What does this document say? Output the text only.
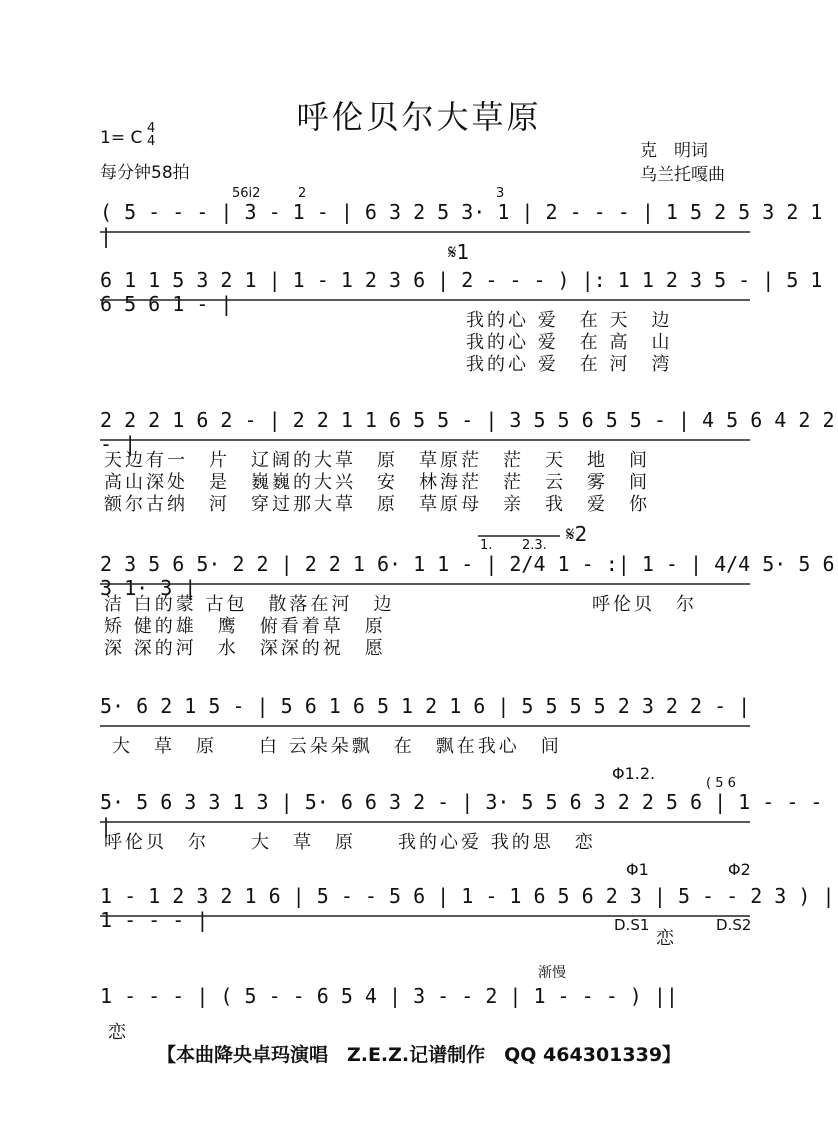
呼伦贝尔大草原
1= C 4
4
每分钟58拍
克　明词
乌兰托嘎曲
( 5 - - - | 3 - 1 - | 6 3 2 5 3· 1 | 2 - - - | 1 5 2 5 3 2 1 |
6 1 1 5 3 2 1 | 1 - 1 2 3 6 | 2 - - - ) |: 1 1 2 3 5 - | 5 1 6 5 6 1 - |
我的心 爱　在 天　边
我的心 爱　在 高　山
我的心 爱　在 河　湾
2 2 2 1 6 2 - | 2 2 1 1 6 5 5 - | 3 5 5 6 5 5 - | 4 5 6 4 2 2 - |
天边有一　片　辽阔的大草　原　草原茫　茫　天　地　间
高山深处　是　巍巍的大兴　安　林海茫　茫　云　雾　间
额尔古纳　河　穿过那大草　原　草原母　亲　我　爱　你
2 3 5 6 5· 2 2 | 2 2 1 6· 1 1 - | 2/4 1 - :| 1 - | 4/4 5· 5 6 3 1· 3 |
洁 白的蒙 古包　散落在河　边
矫 健的雄　鹰　俯看着草　原
深 深的河　水　深深的祝　愿
呼伦贝　尔
5· 6 2 1 5 - | 5 6 1 6 5 1 2 1 6 | 5 5 5 5 2 3 2 2 - |
大　草　原　　白 云朵朵飘　在　飘在我心　间
5· 5 6 3 3 1 3 | 5· 6 6 3 2 - | 3· 5 5 6 3 2 2 5 6 | 1 - - - |
呼伦贝　尔　　大　草　原　　我的心爱 我的思　恋
1 - 1 2 3 2 1 6 | 5 - - 5 6 | 1 - 1 6 5 6 2 3 | 5 - - 2 3 ) | 1 - - - |
恋
1 - - - | ( 5 - - 6 5 4 | 3 - - 2 | 1 - - - ) ||
恋
𝄋1
𝄋2
56i2	2	3
1. 2.3.
Φ1.2.
( 5 6
Φ1	Φ2
D.S1	D.S2
渐慢
【本曲降央卓玛演唱　Z.E.Z.记谱制作　QQ 464301339】
